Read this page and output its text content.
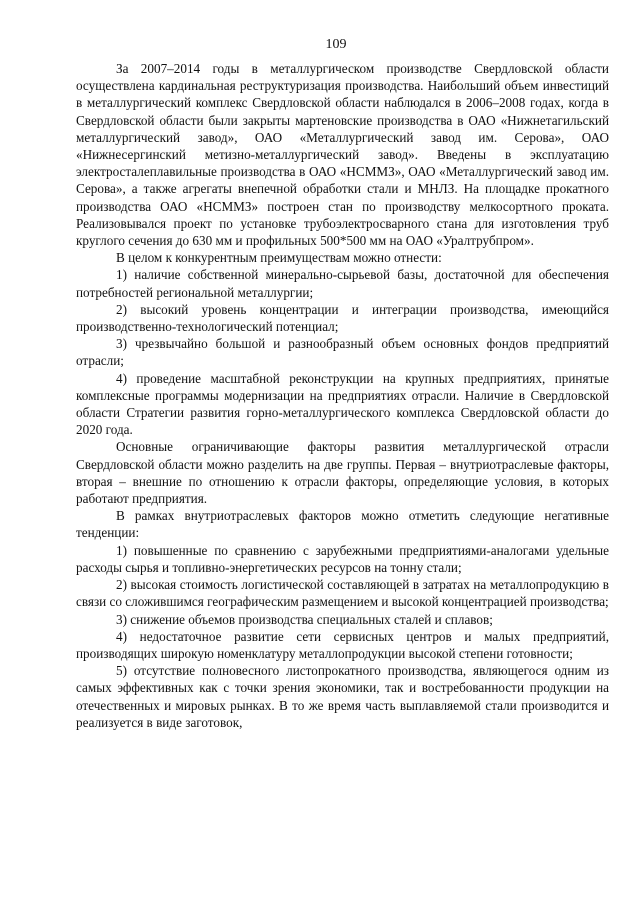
109

За 2007–2014 годы в металлургическом производстве Свердловской области осуществлена кардинальная реструктуризация производства. Наибольший объем инвестиций в металлургический комплекс Свердловской области наблюдался в 2006–2008 годах, когда в Свердловской области были закрыты мартеновские производства в ОАО «Нижнетагильский металлургический завод», ОАО «Металлургический завод им. Серова», ОАО «Нижнесергинский метизно-металлургический завод». Введены в эксплуатацию электросталеплавильные производства в ОАО «НСММЗ», ОАО «Металлургический завод им. Серова», а также агрегаты внепечной обработки стали и МНЛЗ. На площадке прокатного производства ОАО «НСММЗ» построен стан по производству мелкосортного проката. Реализовывался проект по установке трубоэлектросварного стана для изготовления труб круглого сечения до 630 мм и профильных 500*500 мм на ОАО «Уралтрубпром».

В целом к конкурентным преимуществам можно отнести:

1) наличие собственной минерально-сырьевой базы, достаточной для обеспечения потребностей региональной металлургии;

2) высокий уровень концентрации и интеграции производства, имеющийся производственно-технологический потенциал;

3) чрезвычайно большой и разнообразный объем основных фондов предприятий отрасли;

4) проведение масштабной реконструкции на крупных предприятиях, принятые комплексные программы модернизации на предприятиях отрасли. Наличие в Свердловской области Стратегии развития горно-металлургического комплекса Свердловской области до 2020 года.

Основные ограничивающие факторы развития металлургической отрасли Свердловской области можно разделить на две группы. Первая – внутриотраслевые факторы, вторая – внешние по отношению к отрасли факторы, определяющие условия, в которых работают предприятия.

В рамках внутриотраслевых факторов можно отметить следующие негативные тенденции:

1) повышенные по сравнению с зарубежными предприятиями-аналогами удельные расходы сырья и топливно-энергетических ресурсов на тонну стали;

2) высокая стоимость логистической составляющей в затратах на металлопродукцию в связи со сложившимся географическим размещением и высокой концентрацией производства;

3) снижение объемов производства специальных сталей и сплавов;

4) недостаточное развитие сети сервисных центров и малых предприятий, производящих широкую номенклатуру металлопродукции высокой степени готовности;

5) отсутствие полновесного листопрокатного производства, являющегося одним из самых эффективных как с точки зрения экономики, так и востребованности продукции на отечественных и мировых рынках. В то же время часть выплавляемой стали производится и реализуется в виде заготовок,
